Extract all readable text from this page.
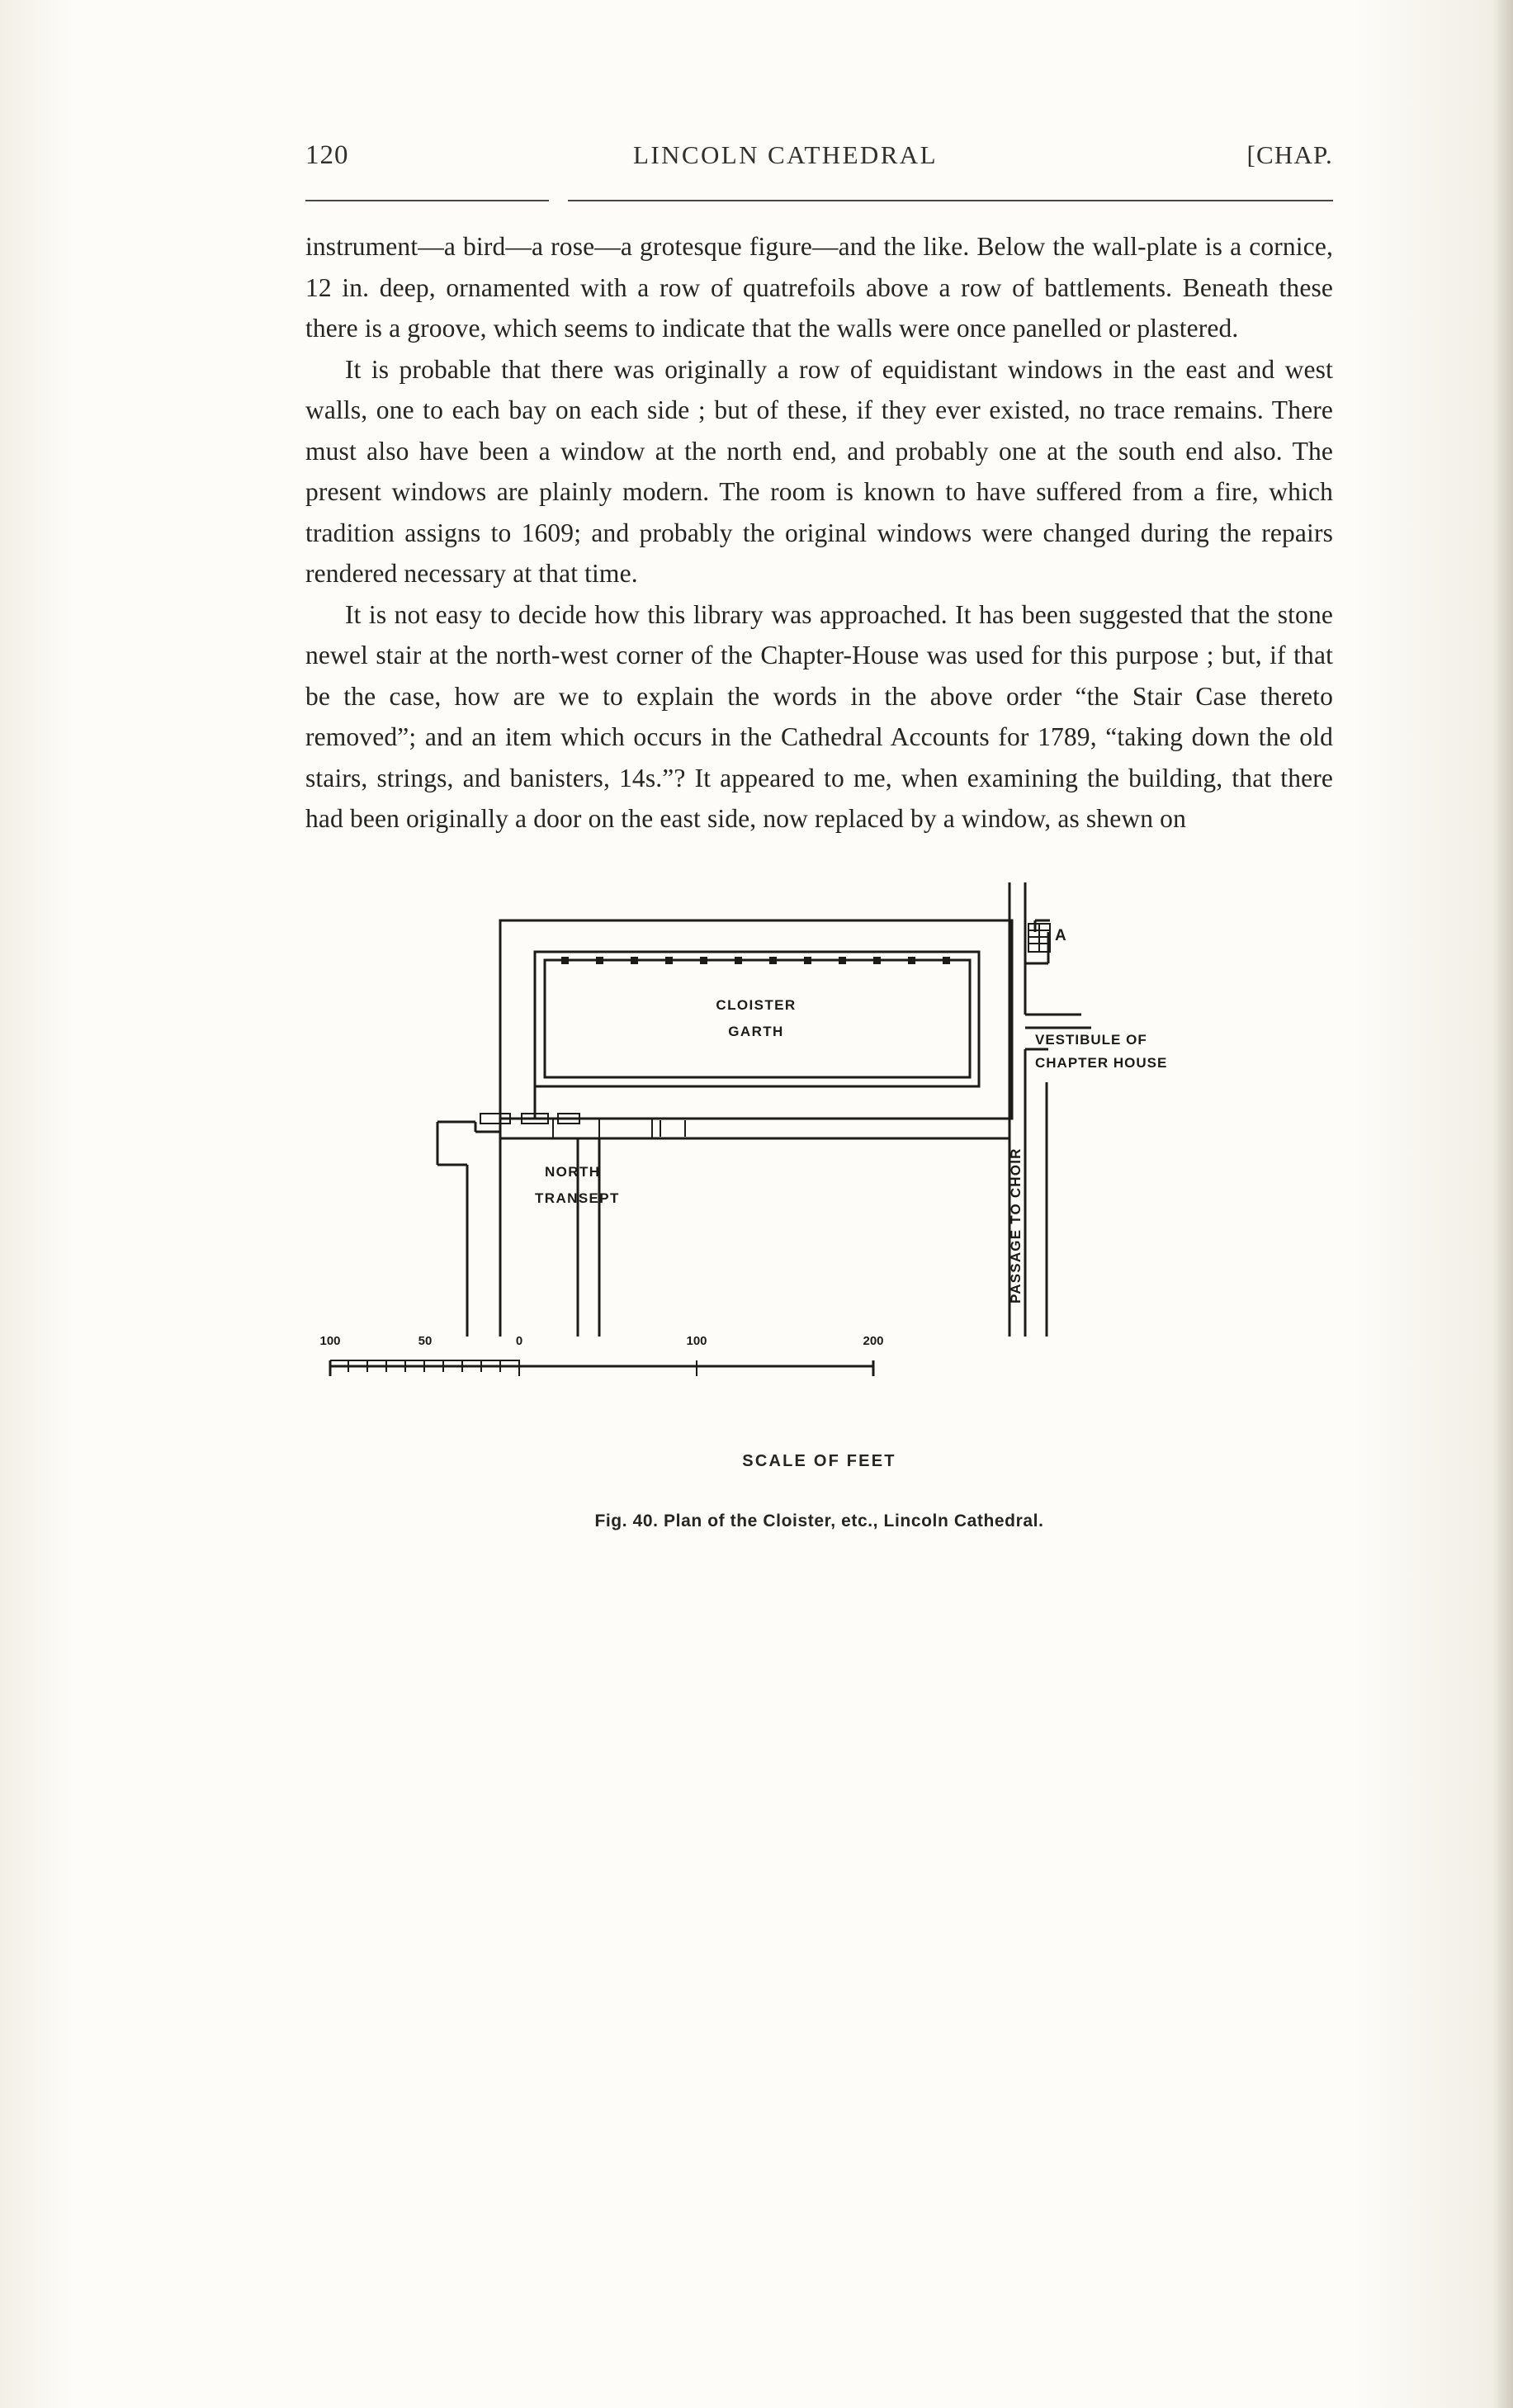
120	LINCOLN CATHEDRAL	[CHAP.

instrument—a bird—a rose—a grotesque figure—and the like. Below the wall-plate is a cornice, 12 in. deep, ornamented with a row of quatrefoils above a row of battlements. Beneath these there is a groove, which seems to indicate that the walls were once panelled or plastered.

It is probable that there was originally a row of equidistant windows in the east and west walls, one to each bay on each side ; but of these, if they ever existed, no trace remains. There must also have been a window at the north end, and probably one at the south end also. The present windows are plainly modern. The room is known to have suffered from a fire, which tradition assigns to 1609; and probably the original windows were changed during the repairs rendered necessary at that time.

It is not easy to decide how this library was approached. It has been suggested that the stone newel stair at the north-west corner of the Chapter-House was used for this purpose ; but, if that be the case, how are we to explain the words in the above order “the Stair Case thereto removed”; and an item which occurs in the Cathedral Accounts for 1789, “taking down the old stairs, strings, and banisters, 14s.”? It appeared to me, when examining the building, that there had been originally a door on the east side, now replaced by a window, as shewn on

CLOISTER
GARTH
A
VESTIBULE OF
CHAPTER HOUSE
NORTH
TRANSEPT	PASSAGE TO CHOIR
100	50	0	100	200
SCALE OF FEET
Fig. 40. Plan of the Cloister, etc., Lincoln Cathedral.
